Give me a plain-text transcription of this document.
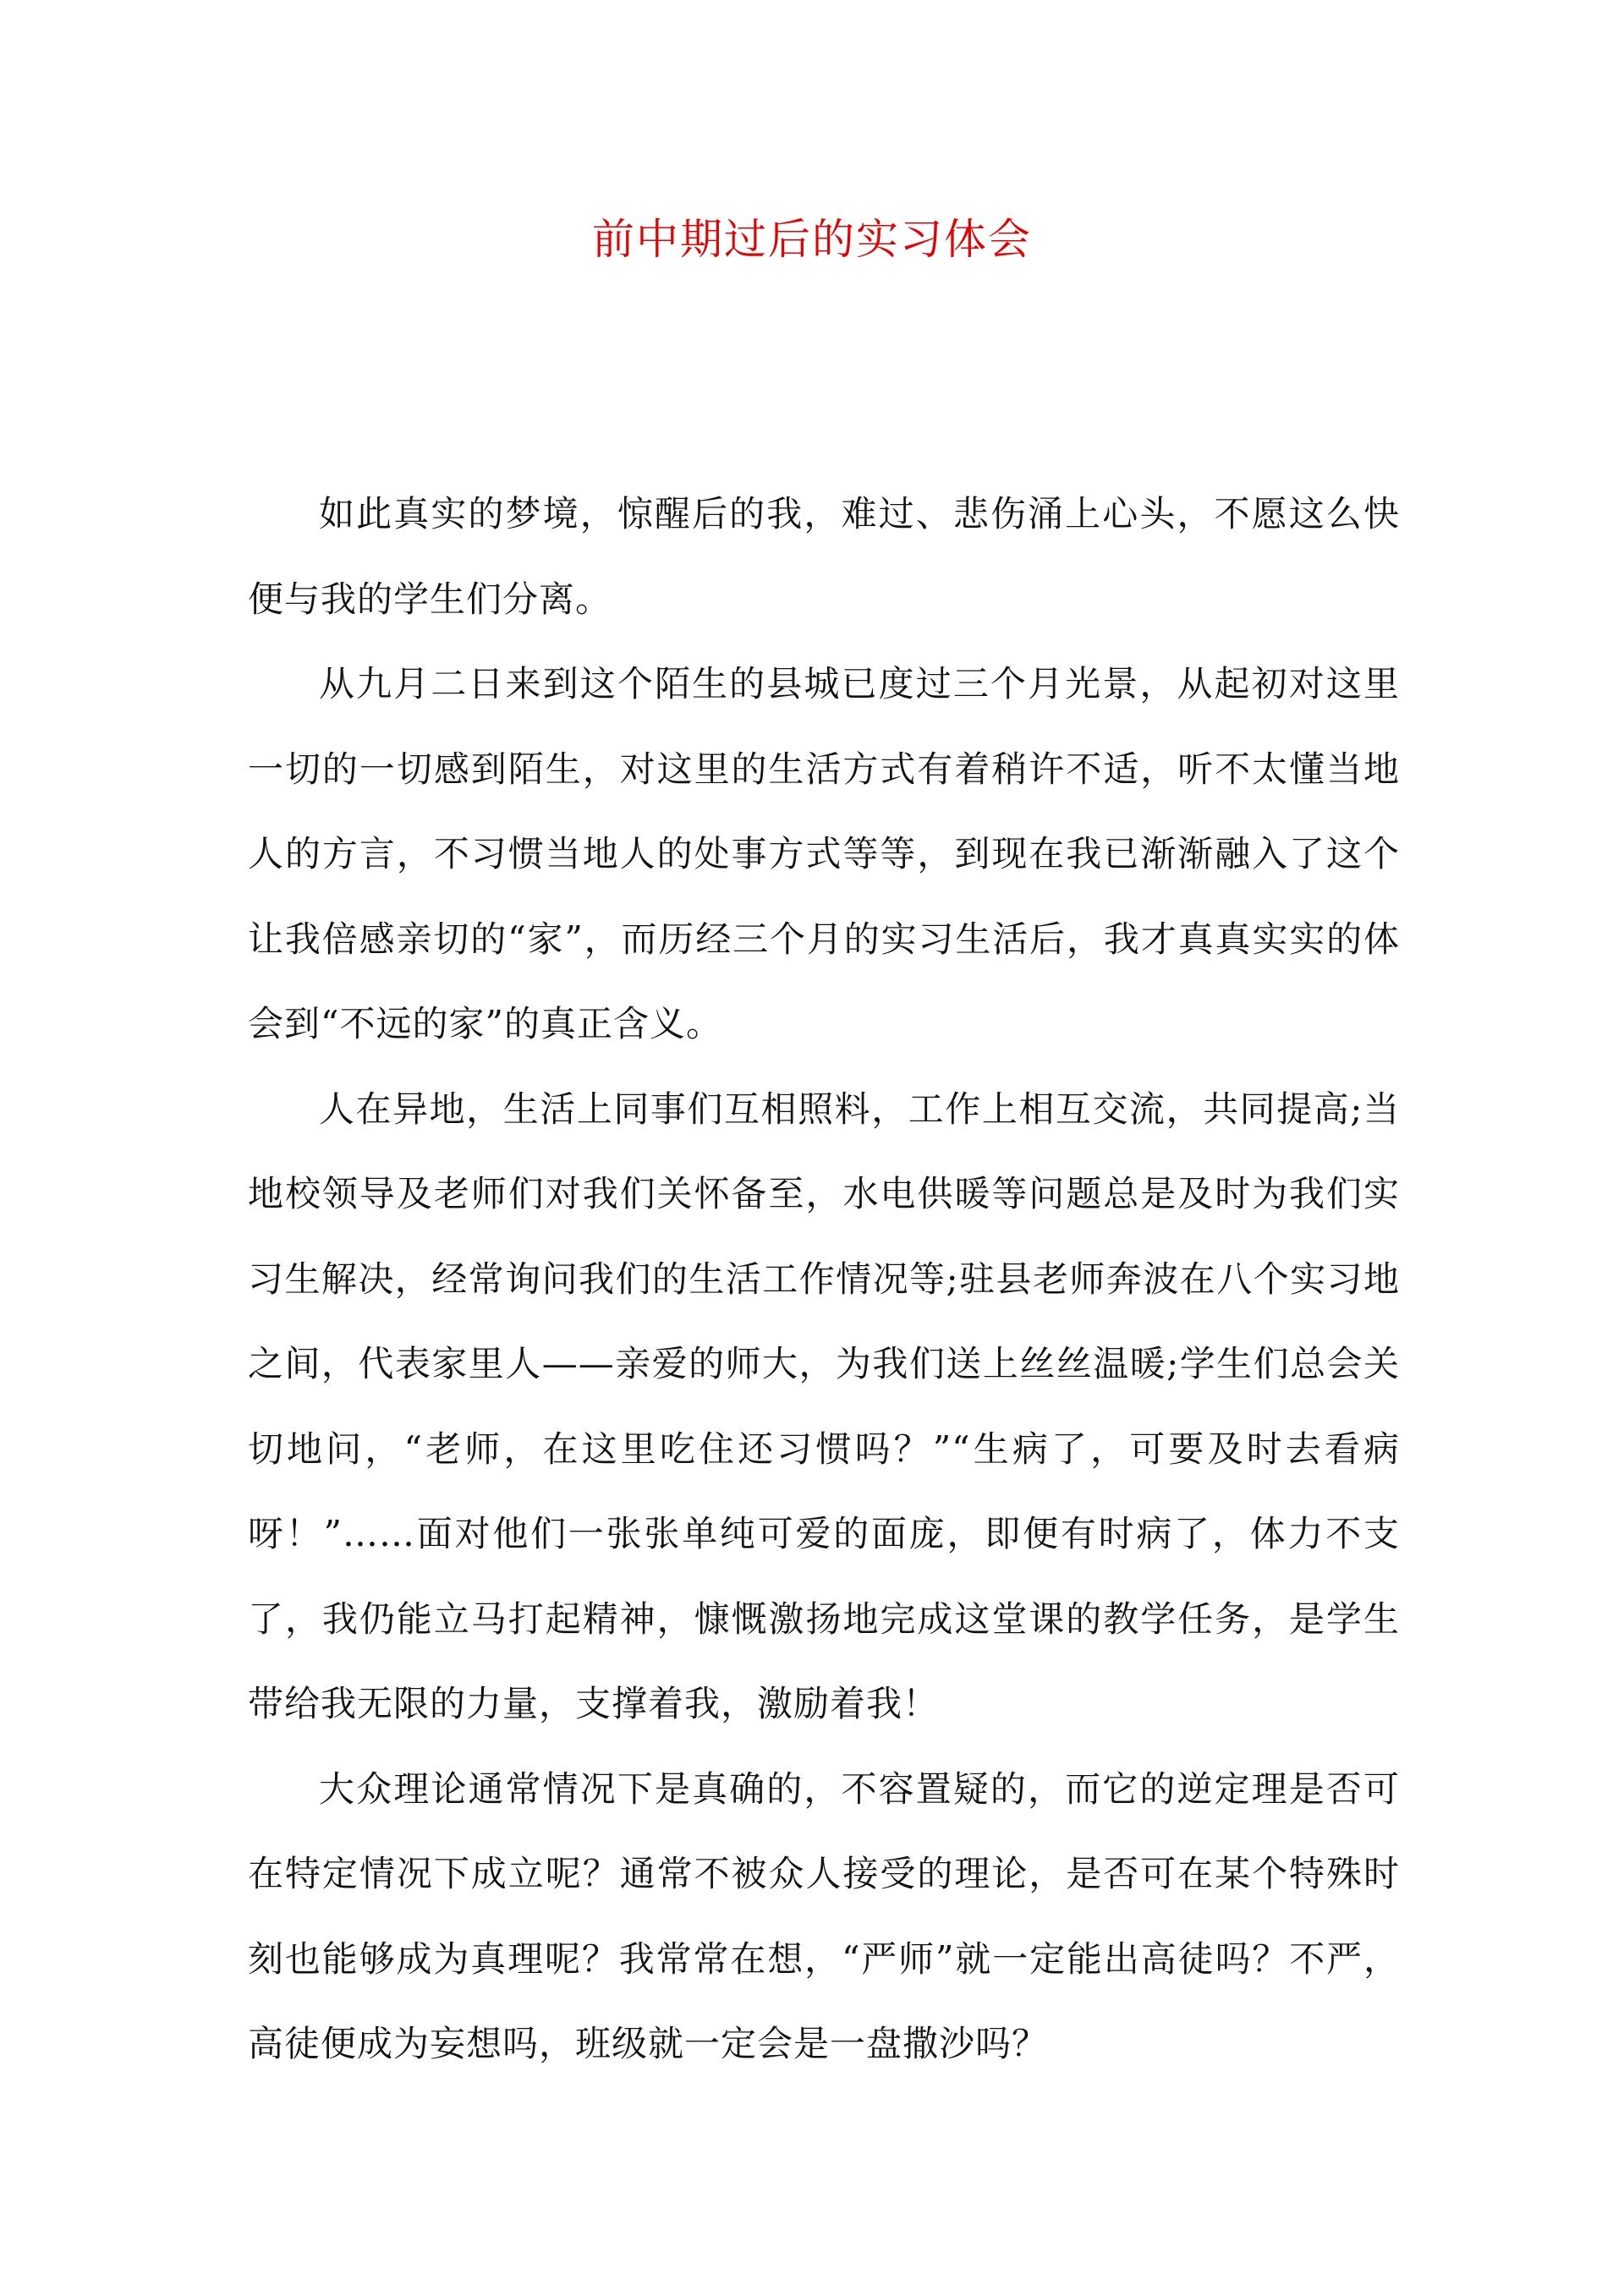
前中期过后的实习体会

如此真实的梦境，惊醒后的我，难过、悲伤涌上心头，不愿这么快便与我的学生们分离。

从九月二日来到这个陌生的县城已度过三个月光景，从起初对这里一切的一切感到陌生，对这里的生活方式有着稍许不适，听不太懂当地人的方言，不习惯当地人的处事方式等等，到现在我已渐渐融入了这个让我倍感亲切的“家”，而历经三个月的实习生活后，我才真真实实的体会到“不远的家”的真正含义。

人在异地，生活上同事们互相照料，工作上相互交流，共同提高;当地校领导及老师们对我们关怀备至，水电供暖等问题总是及时为我们实习生解决，经常询问我们的生活工作情况等;驻县老师奔波在八个实习地之间，代表家里人——亲爱的师大，为我们送上丝丝温暖;学生们总会关切地问，“老师，在这里吃住还习惯吗？”“生病了，可要及时去看病呀！”……面对他们一张张单纯可爱的面庞，即便有时病了，体力不支了，我仍能立马打起精神，慷慨激扬地完成这堂课的教学任务，是学生带给我无限的力量，支撑着我，激励着我！

大众理论通常情况下是真确的，不容置疑的，而它的逆定理是否可在特定情况下成立呢？通常不被众人接受的理论，是否可在某个特殊时刻也能够成为真理呢？我常常在想，“严师”就一定能出高徒吗？不严，高徒便成为妄想吗，班级就一定会是一盘撒沙吗？
